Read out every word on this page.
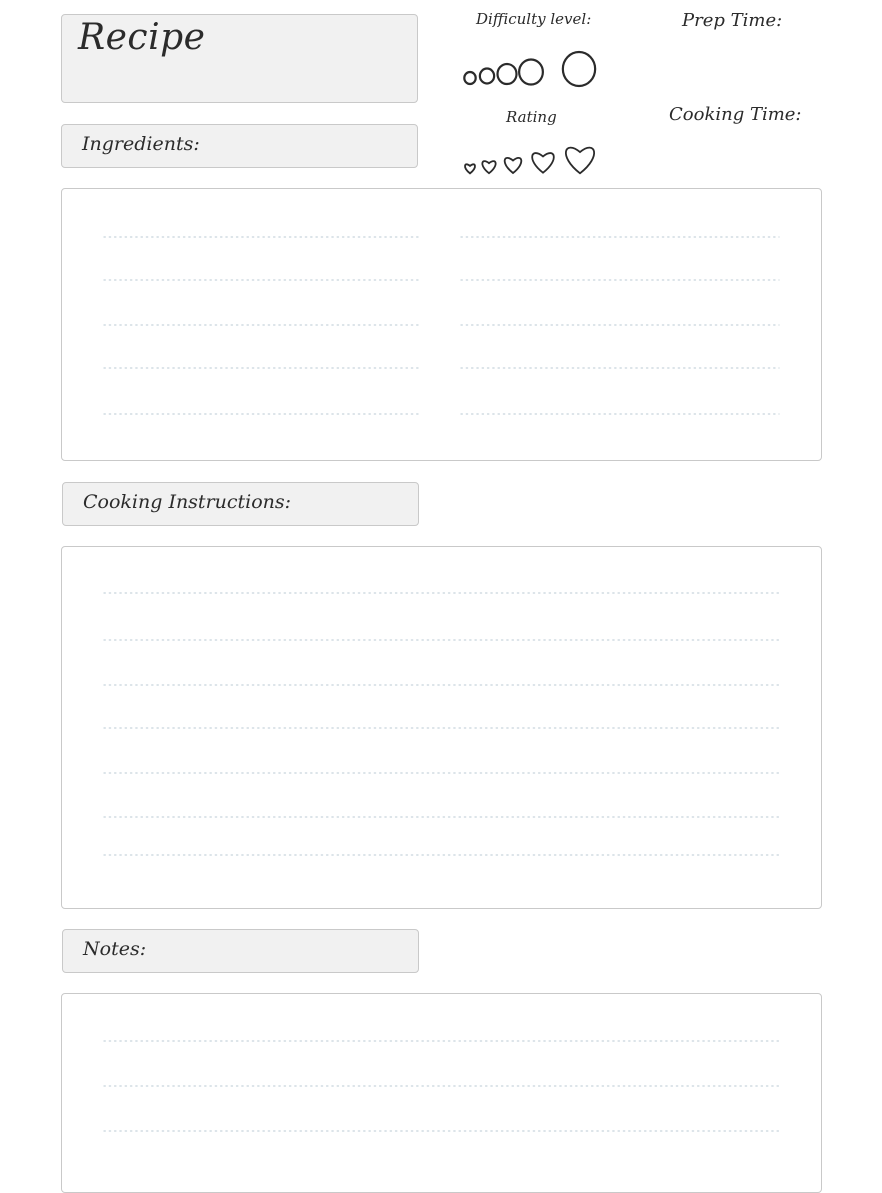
Recipe	Difficulty level:
Rating
Prep Time:
Cooking Time:
Ingredients:
Cooking Instructions:
Notes:
